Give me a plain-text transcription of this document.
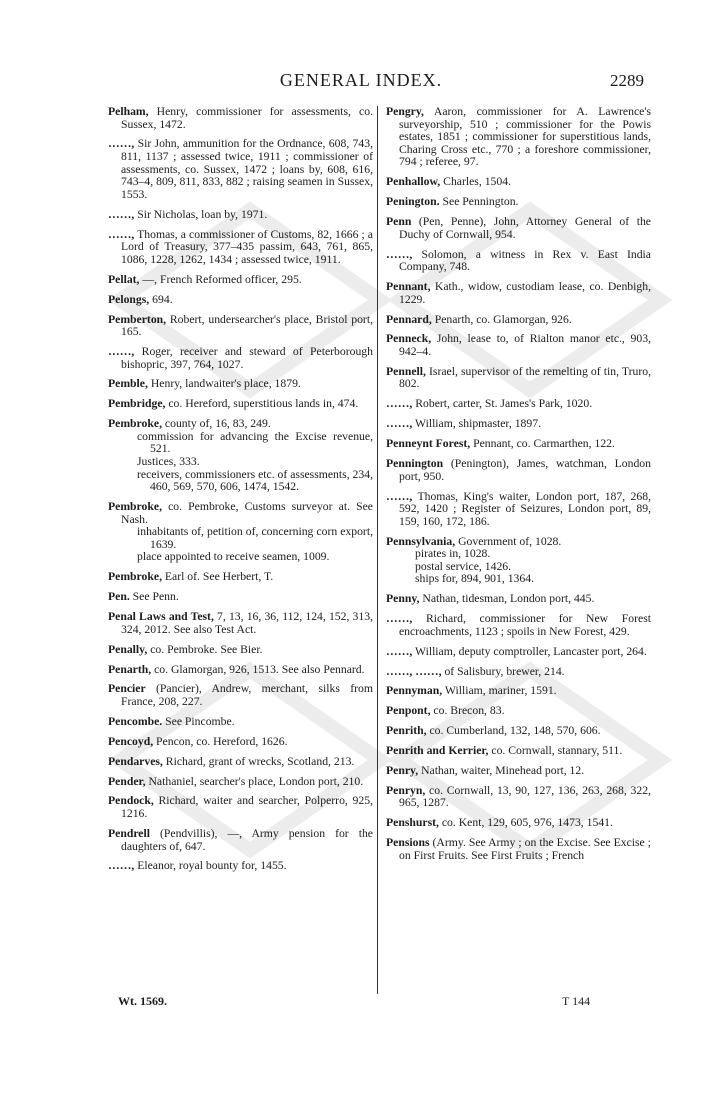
GENERAL INDEX.	2289

Pelham, Henry, commissioner for assessments, co. Sussex, 1472.

……, Sir John, ammunition for the Ordnance, 608, 743, 811, 1137 ; assessed twice, 1911 ; commissioner of assessments, co. Sussex, 1472 ; loans by, 608, 616, 743–4, 809, 811, 833, 882 ; raising seamen in Sussex, 1553.

……, Sir Nicholas, loan by, 1971.

……, Thomas, a commissioner of Customs, 82, 1666 ; a Lord of Treasury, 377–435 passim, 643, 761, 865, 1086, 1228, 1262, 1434 ; assessed twice, 1911.

Pellat, —, French Reformed officer, 295.

Pelongs, 694.

Pemberton, Robert, undersearcher's place, Bristol port, 165.

……, Roger, receiver and steward of Peterborough bishopric, 397, 764, 1027.

Pemble, Henry, landwaiter's place, 1879.

Pembridge, co. Hereford, superstitious lands in, 474.

Pembroke, county of, 16, 83, 249.

commission for advancing the Excise revenue, 521.

Justices, 333.

receivers, commissioners etc. of assessments, 234, 460, 569, 570, 606, 1474, 1542.

Pembroke, co. Pembroke, Customs surveyor at. See Nash.

inhabitants of, petition of, concerning corn export, 1639.

place appointed to receive seamen, 1009.

Pembroke, Earl of. See Herbert, T.

Pen. See Penn.

Penal Laws and Test, 7, 13, 16, 36, 112, 124, 152, 313, 324, 2012. See also Test Act.

Penally, co. Pembroke. See Bier.

Penarth, co. Glamorgan, 926, 1513. See also Pennard.

Pencier (Pancier), Andrew, merchant, silks from France, 208, 227.

Pencombe. See Pincombe.

Pencoyd, Pencon, co. Hereford, 1626.

Pendarves, Richard, grant of wrecks, Scotland, 213.

Pender, Nathaniel, searcher's place, London port, 210.

Pendock, Richard, waiter and searcher, Polperro, 925, 1216.

Pendrell (Pendvillis), —, Army pension for the daughters of, 647.

……, Eleanor, royal bounty for, 1455.

Pengry, Aaron, commissioner for A. Lawrence's surveyorship, 510 ; commissioner for the Powis estates, 1851 ; commissioner for superstitious lands, Charing Cross etc., 770 ; a foreshore commissioner, 794 ; referee, 97.

Penhallow, Charles, 1504.

Penington. See Pennington.

Penn (Pen, Penne), John, Attorney General of the Duchy of Cornwall, 954.

……, Solomon, a witness in Rex v. East India Company, 748.

Pennant, Kath., widow, custodiam lease, co. Denbigh, 1229.

Pennard, Penarth, co. Glamorgan, 926.

Penneck, John, lease to, of Rialton manor etc., 903, 942–4.

Pennell, Israel, supervisor of the remelting of tin, Truro, 802.

……, Robert, carter, St. James's Park, 1020.

……, William, shipmaster, 1897.

Penneynt Forest, Pennant, co. Carmarthen, 122.

Pennington (Penington), James, watchman, London port, 950.

……, Thomas, King's waiter, London port, 187, 268, 592, 1420 ; Register of Seizures, London port, 89, 159, 160, 172, 186.

Pennsylvania, Government of, 1028.

pirates in, 1028.

postal service, 1426.

ships for, 894, 901, 1364.

Penny, Nathan, tidesman, London port, 445.

……, Richard, commissioner for New Forest encroachments, 1123 ; spoils in New Forest, 429.

……, William, deputy comptroller, Lancaster port, 264.

……, ……, of Salisbury, brewer, 214.

Pennyman, William, mariner, 1591.

Penpont, co. Brecon, 83.

Penrith, co. Cumberland, 132, 148, 570, 606.

Penrith and Kerrier, co. Cornwall, stannary, 511.

Penry, Nathan, waiter, Minehead port, 12.

Penryn, co. Cornwall, 13, 90, 127, 136, 263, 268, 322, 965, 1287.

Penshurst, co. Kent, 129, 605, 976, 1473, 1541.

Pensions (Army. See Army ; on the Excise. See Excise ; on First Fruits. See First Fruits ; French

Wt. 1569.	T 144
